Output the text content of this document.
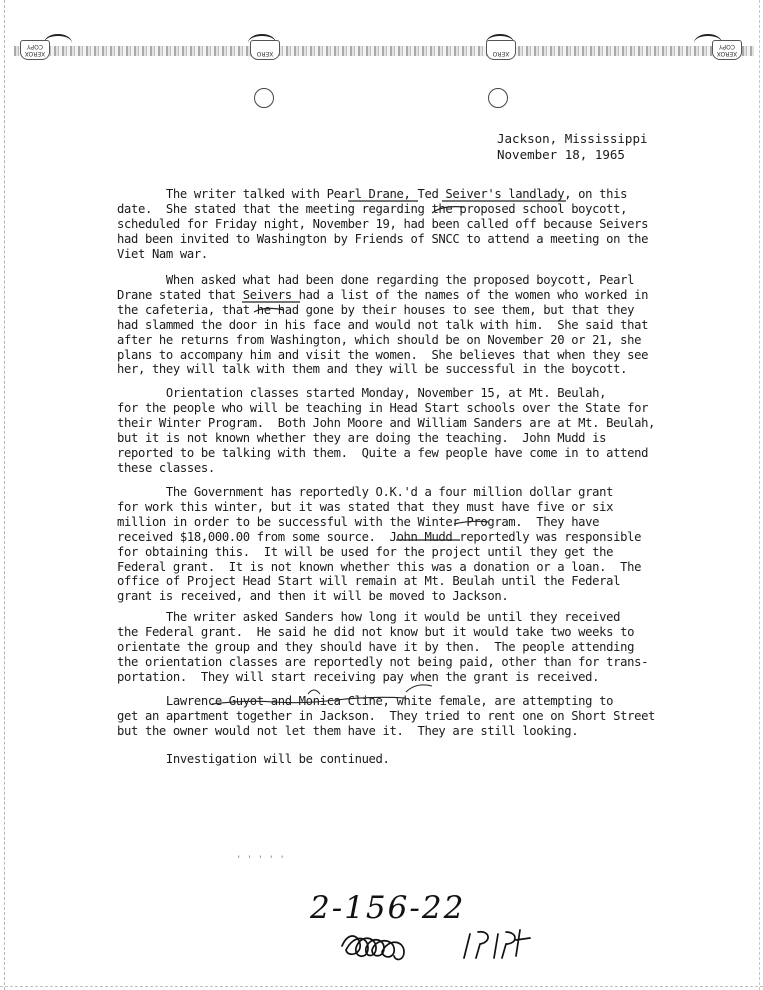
XEROX COPY
XERO	XERO	XEROX COPY
Jackson, Mississippi
November 18, 1965
The writer talked with Pearl Drane, Ted Seiver's landlady, on this
date.  She stated that the meeting regarding the proposed school boycott,
scheduled for Friday night, November 19, had been called off because Seivers
had been invited to Washington by Friends of SNCC to attend a meeting on the
Viet Nam war.
When asked what had been done regarding the proposed boycott, Pearl
Drane stated that Seivers had a list of the names of the women who worked in
the cafeteria, that he had gone by their houses to see them, but that they
had slammed the door in his face and would not talk with him.  She said that
after he returns from Washington, which should be on November 20 or 21, she
plans to accompany him and visit the women.  She believes that when they see
her, they will talk with them and they will be successful in the boycott.
Orientation classes started Monday, November 15, at Mt. Beulah,
for the people who will be teaching in Head Start schools over the State for
their Winter Program.  Both John Moore and William Sanders are at Mt. Beulah,
but it is not known whether they are doing the teaching.  John Mudd is
reported to be talking with them.  Quite a few people have come in to attend
these classes.
The Government has reportedly O.K.'d a four million dollar grant
for work this winter, but it was stated that they must have five or six
million in order to be successful with the Winter Program.  They have
received $18,000.00 from some source.  John Mudd reportedly was responsible
for obtaining this.  It will be used for the project until they get the
Federal grant.  It is not known whether this was a donation or a loan.  The
office of Project Head Start will remain at Mt. Beulah until the Federal
grant is received, and then it will be moved to Jackson.
The writer asked Sanders how long it would be until they received
the Federal grant.  He said he did not know but it would take two weeks to
orientate the group and they should have it by then.  The people attending
the orientation classes are reportedly not being paid, other than for trans-
portation.  They will start receiving pay when the grant is received.
Lawrence Guyot and Monica Cline, white female, are attempting to
get an apartment together in Jackson.  They tried to rent one on Short Street
but the owner would not let them have it.  They are still looking.
Investigation will be continued.
' ' ' ' '
2-156-22
